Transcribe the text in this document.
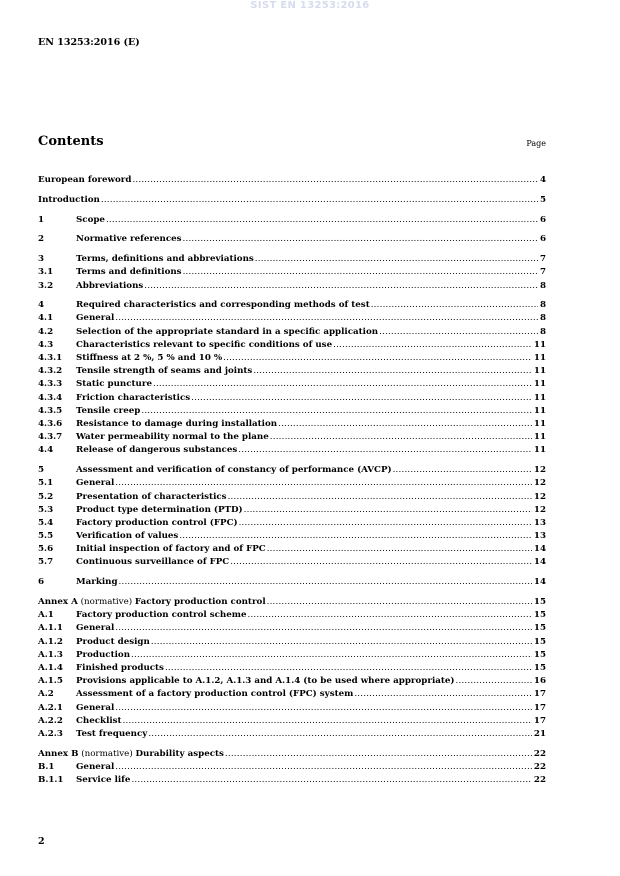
SIST EN 13253:2016
EN 13253:2016 (E)
Contents	Page
European foreword .....	4
Introduction .....	5
1	Scope .....	6
2	Normative references .....	6
3	Terms, definitions and abbreviations .....	7
3.1	Terms and definitions .....	7
3.2	Abbreviations .....	8
4	Required characteristics and corresponding methods of test .....	8
4.1	General .....	8
4.2	Selection of the appropriate standard in a specific application .....	8
4.3	Characteristics relevant to specific conditions of use .....	11
4.3.1	Stiffness at 2 %, 5 % and 10 % .....	11
4.3.2	Tensile strength of seams and joints .....	11
4.3.3	Static puncture .....	11
4.3.4	Friction characteristics .....	11
4.3.5	Tensile creep .....	11
4.3.6	Resistance to damage during installation .....	11
4.3.7	Water permeability normal to the plane .....	11
4.4	Release of dangerous substances .....	11
5	Assessment and verification of constancy of performance (AVCP) .....	12
5.1	General .....	12
5.2	Presentation of characteristics .....	12
5.3	Product type determination (PTD) .....	12
5.4	Factory production control (FPC) .....	13
5.5	Verification of values .....	13
5.6	Initial inspection of factory and of FPC .....	14
5.7	Continuous surveillance of FPC .....	14
6	Marking .....	14
Annex A (normative) Factory production control .....	15
A.1	Factory production control scheme .....	15
A.1.1	General .....	15
A.1.2	Product design .....	15
A.1.3	Production .....	15
A.1.4	Finished products .....	15
A.1.5	Provisions applicable to A.1.2, A.1.3 and A.1.4 (to be used where appropriate) .....	16
A.2	Assessment of a factory production control (FPC) system .....	17
A.2.1	General .....	17
A.2.2	Checklist .....	17
A.2.3	Test frequency .....	21
Annex B (normative) Durability aspects .....	22
B.1	General .....	22
B.1.1	Service life .....	22
2
